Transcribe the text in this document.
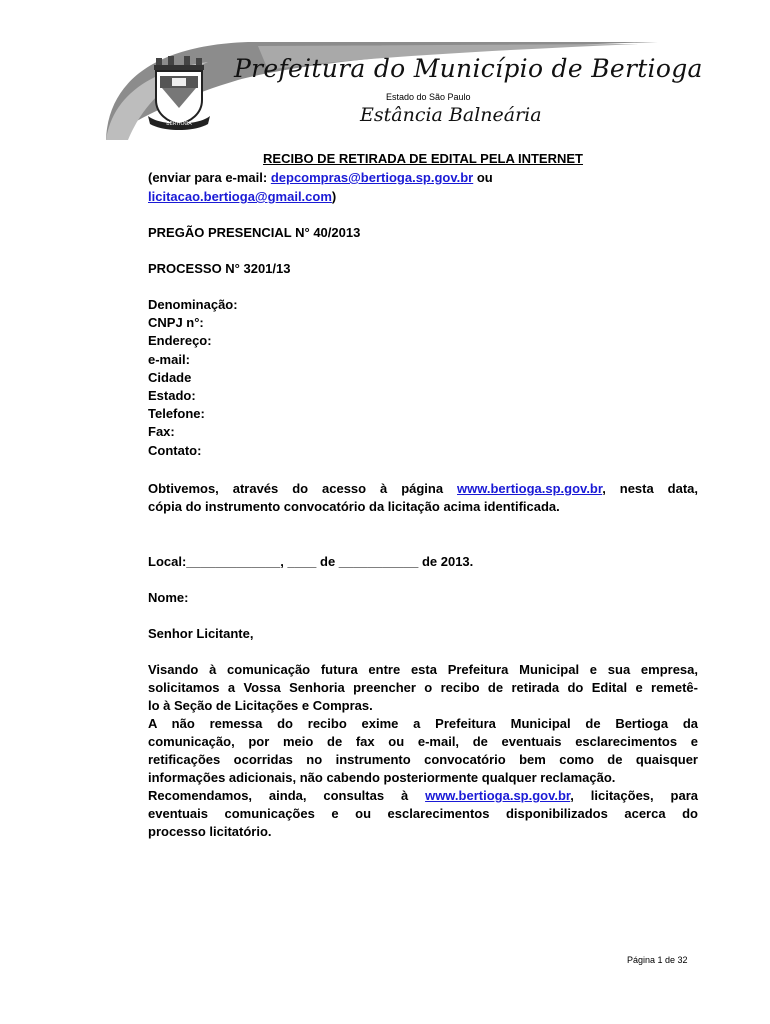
BERTIOGA
Prefeitura do Município de Bertioga
Estado do São Paulo
Estância Balneária
RECIBO DE RETIRADA DE EDITAL PELA INTERNET
(enviar para e-mail: depcompras@bertioga.sp.gov.br ou
licitacao.bertioga@gmail.com)
PREGÃO PRESENCIAL N° 40/2013
PROCESSO N° 3201/13
Denominação:
CNPJ n°:
Endereço:
e-mail:
Cidade
Estado:
Telefone:
Fax:
Contato:
Obtivemos, através do acesso à página www.bertioga.sp.gov.br, nesta data,
cópia do instrumento convocatório da licitação acima identificada.
Local:_____________, ____ de ___________ de 2013.
Nome:
Senhor Licitante,
Visando à comunicação futura entre esta Prefeitura Municipal e sua empresa,
solicitamos a Vossa Senhoria preencher o recibo de retirada do Edital e remetê-
lo à Seção de Licitações e Compras.
A não remessa do recibo exime a Prefeitura Municipal de Bertioga da
comunicação, por meio de fax ou e-mail, de eventuais esclarecimentos e
retificações ocorridas no instrumento convocatório bem como de quaisquer
informações adicionais, não cabendo posteriormente qualquer reclamação.
Recomendamos, ainda, consultas à www.bertioga.sp.gov.br, licitações, para
eventuais comunicações e ou esclarecimentos disponibilizados acerca do
processo licitatório.
Página 1 de 32
